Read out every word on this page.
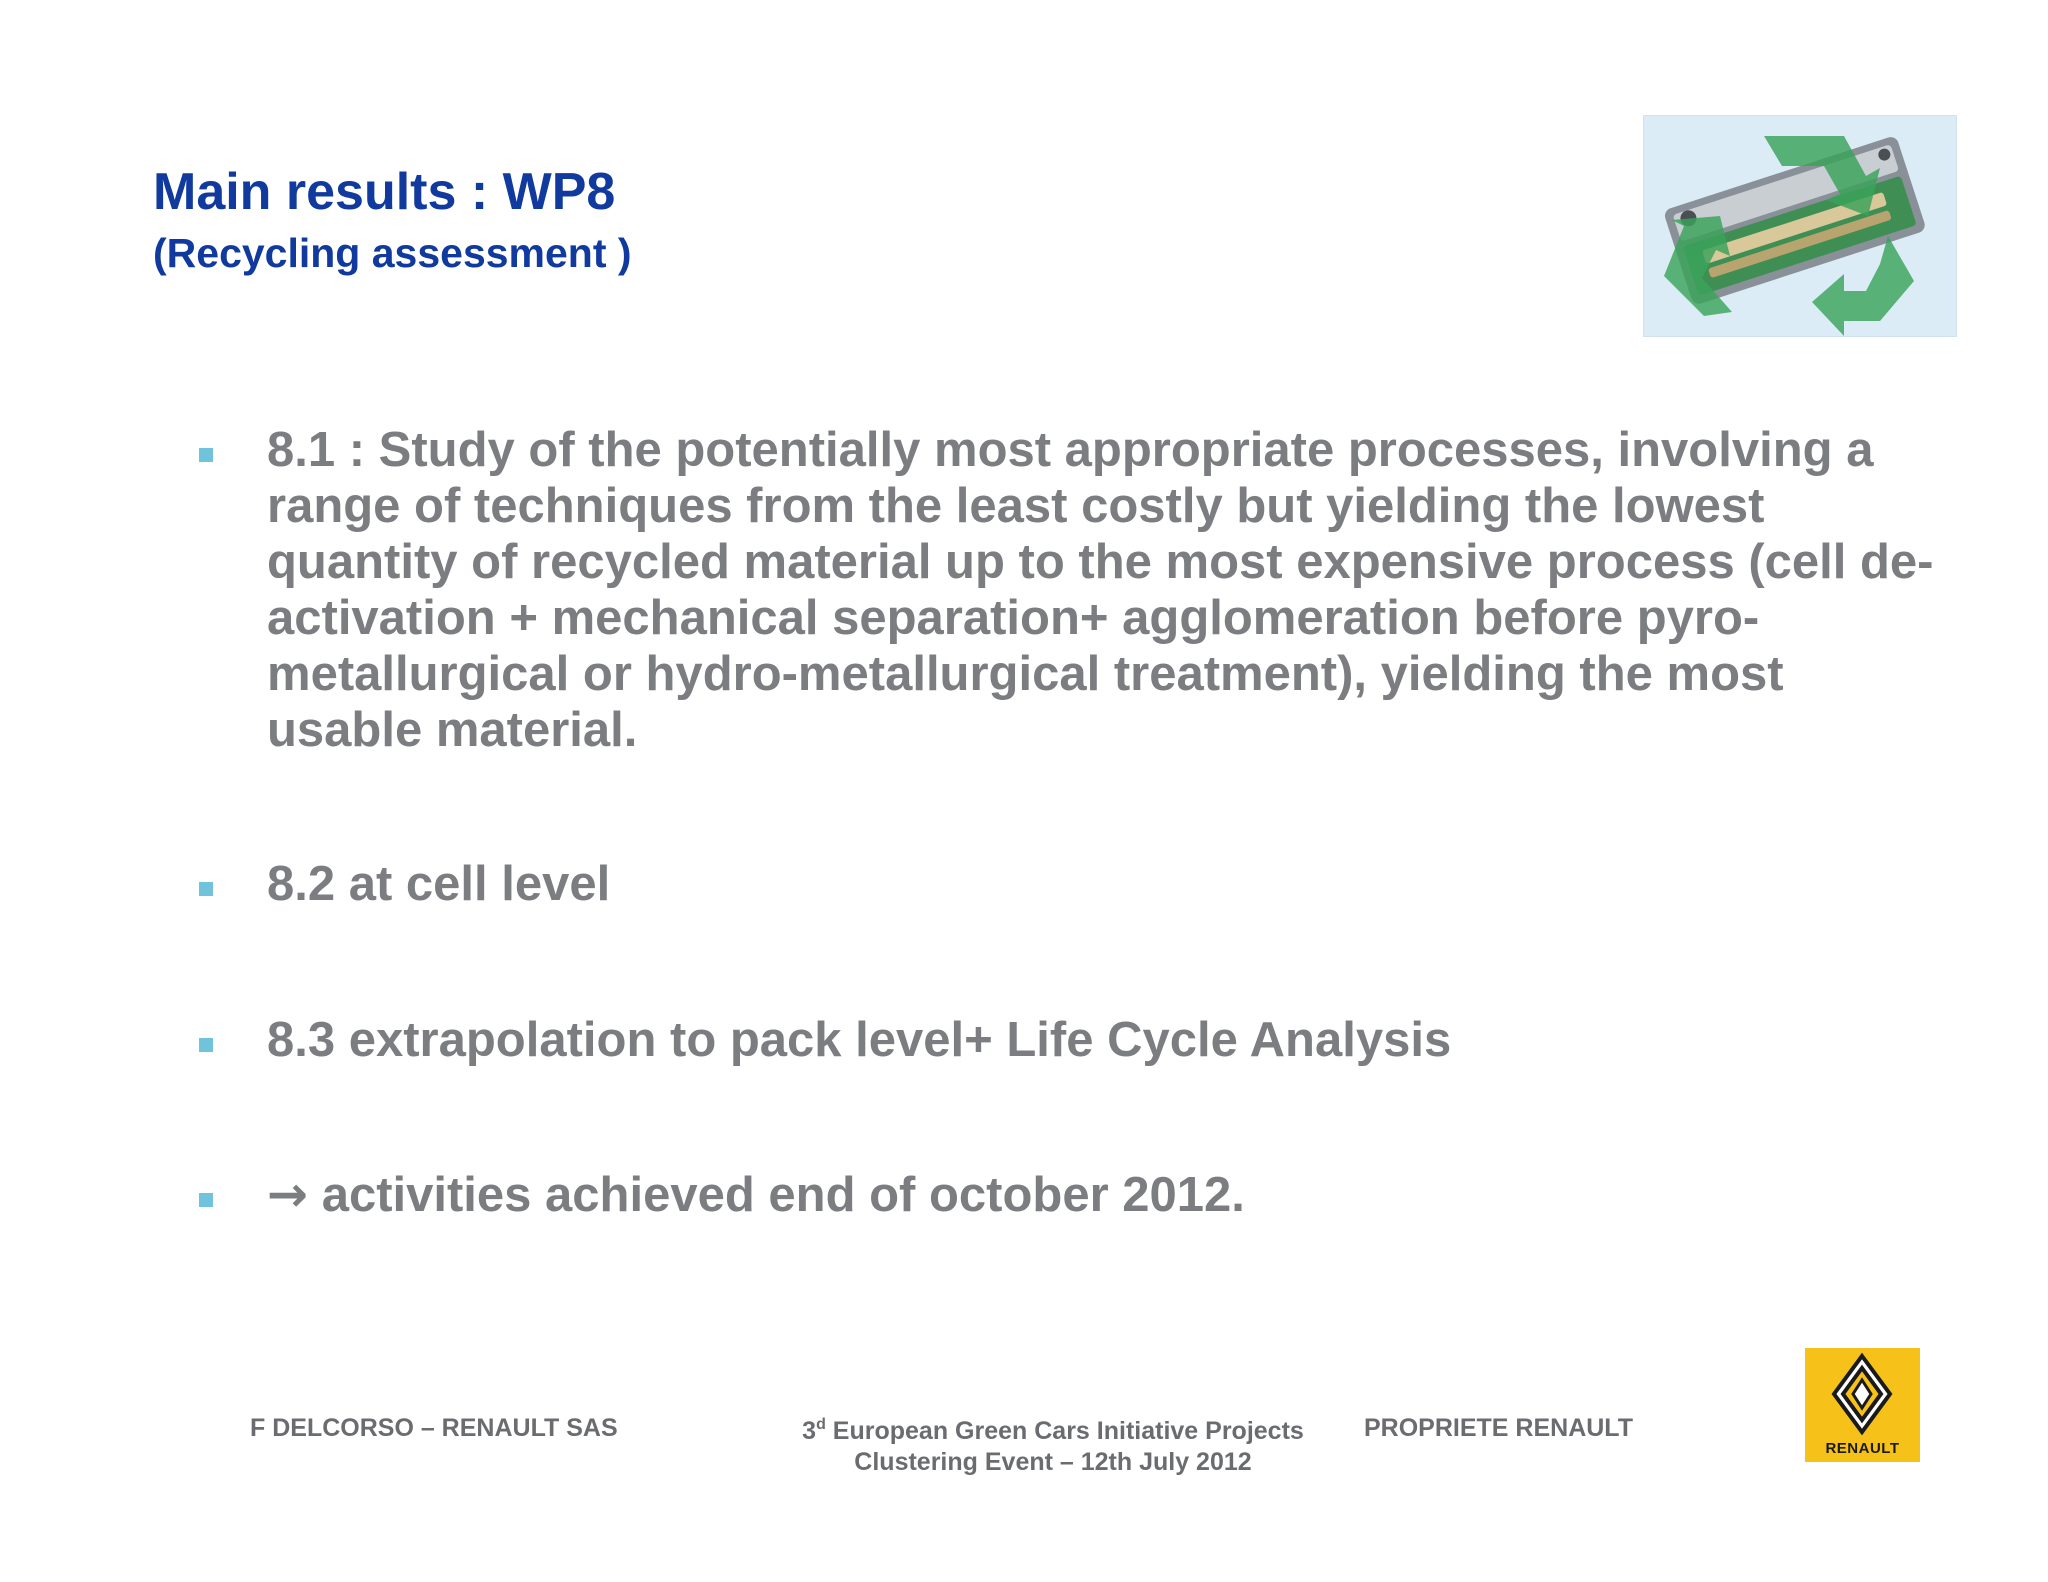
Main results : WP8
(Recycling assessment )
8.1 : Study of the potentially most appropriate processes, involving a range of techniques from the least costly but yielding the lowest quantity of recycled material up to the most expensive process (cell de-activation + mechanical separation+ agglomeration before pyro-metallurgical or hydro-metallurgical treatment), yielding the most usable material.
8.2 at cell level
8.3 extrapolation to pack level+ Life Cycle Analysis
→ activities achieved end of october 2012.
F DELCORSO – RENAULT SAS	3$^d$ European Green Cars Initiative Projects
Clustering Event – 12th July 2012
PROPRIETE RENAULT
RENAULT
